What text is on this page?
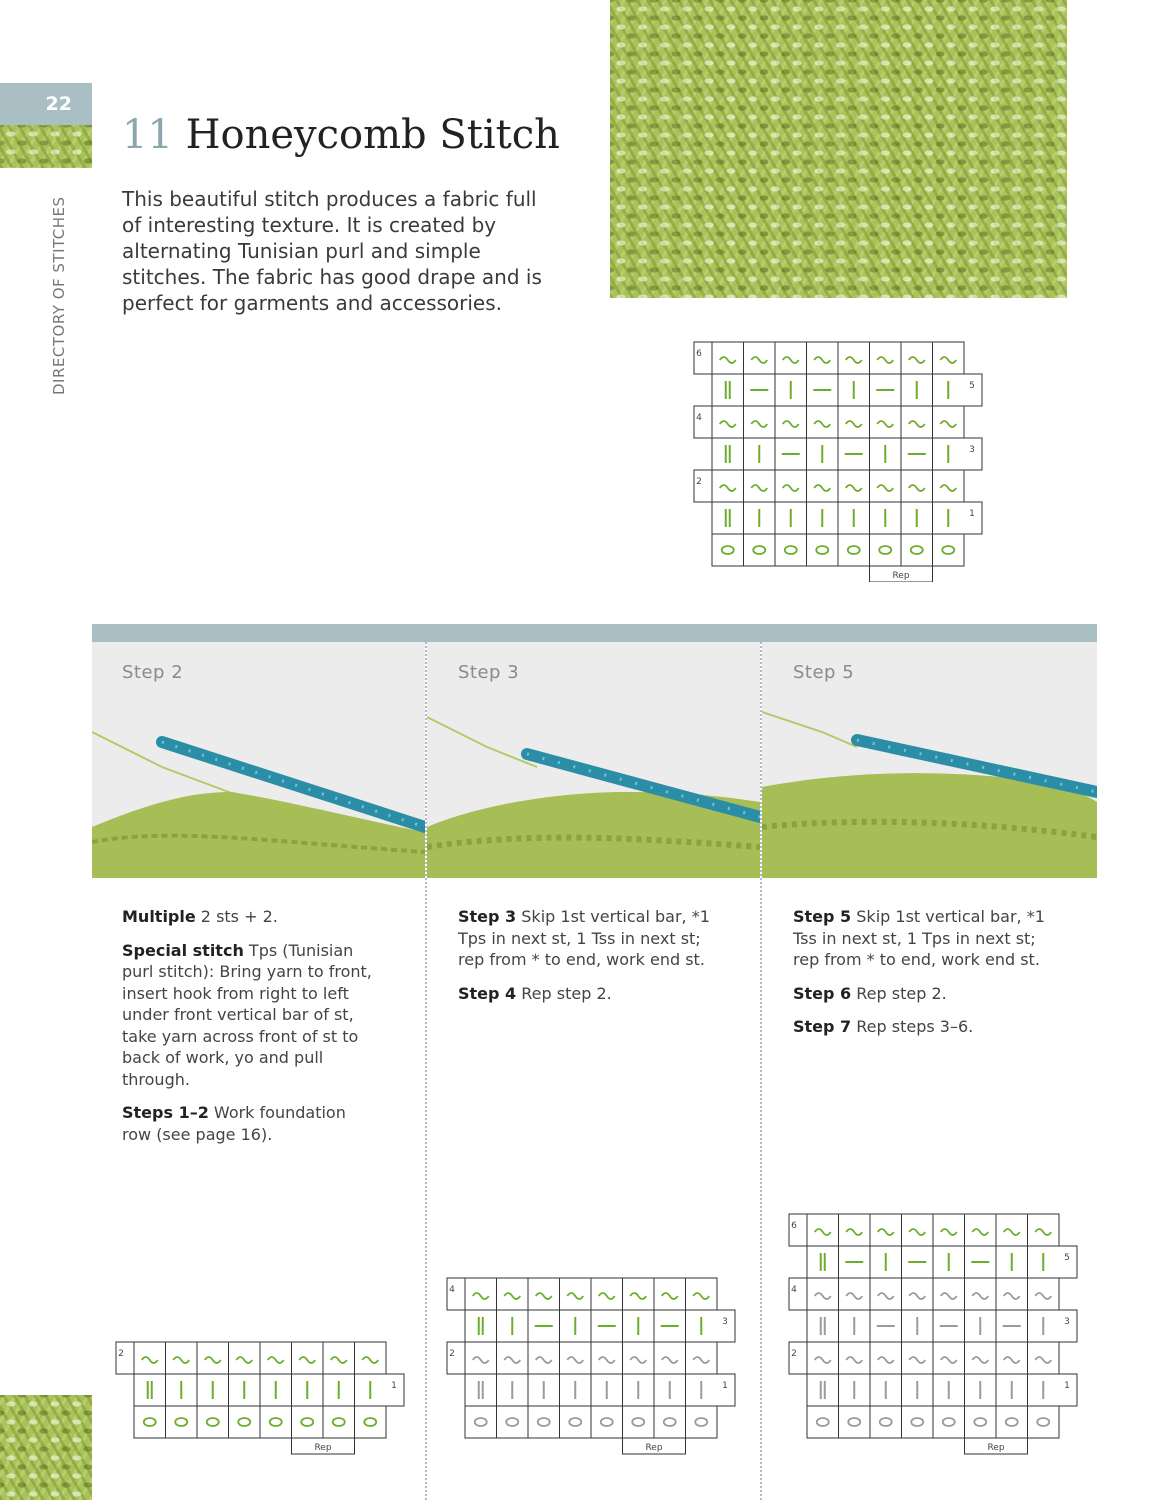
22
DIRECTORY OF STITCHES
11 Honeycomb Stitch
This beautiful stitch produces a fabric full of interesting texture. It is created by alternating Tunisian purl and simple stitches. The fabric has good drape and is perfect for garments and accessories.
6
5
4
3
2
1
Rep
Step 2	Step 3	Step 5

Multiple 2 sts + 2.

Special stitch Tps (Tunisian purl stitch): Bring yarn to front, insert hook from right to left under front vertical bar of st, take yarn across front of st to back of work, yo and pull through.

Steps 1–2 Work foundation row (see page 16).

Step 3 Skip 1st vertical bar, *1 Tps in next st, 1 Tss in next st; rep from * to end, work end st.

Step 4 Rep step 2.

Step 5 Skip 1st vertical bar, *1 Tss in next st, 1 Tps in next st; rep from * to end, work end st.

Step 6 Rep step 2.

Step 7 Rep steps 3–6.

2
1
Rep
4
3
2
1
Rep
6
5
4
3
2
1
Rep
